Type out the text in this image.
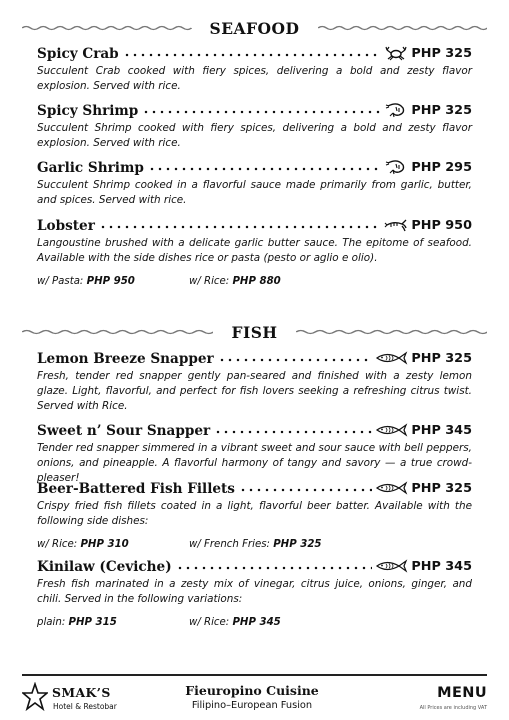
SEAFOOD
Spicy Crab	PHP 325
Succulent Crab cooked with fiery spices, delivering a bold and zesty flavor explosion. Served with rice.
Spicy Shrimp	PHP 325
Succulent Shrimp cooked with fiery spices, delivering a bold and zesty flavor explosion. Served with rice.
Garlic Shrimp	PHP 295
Succulent Shrimp cooked in a flavorful sauce made primarily from garlic, butter, and spices. Served with rice.
Lobster	PHP 950
Langoustine brushed with a delicate garlic butter sauce. The epitome of seafood. Available with the side dishes rice or pasta (pesto or aglio e olio).
w/ Pasta: PHP 950	w/ Rice: PHP 880
FISH
Lemon Breeze Snapper	PHP 325
Fresh, tender red snapper gently pan-seared and finished with a zesty lemon glaze. Light, flavorful, and perfect for fish lovers seeking a refreshing citrus twist. Served with Rice.
Sweet n’ Sour Snapper	PHP 345
Tender red snapper simmered in a vibrant sweet and sour sauce with bell peppers, onions, and pineapple. A flavorful harmony of tangy and savory — a true crowd-pleaser!
Beer-Battered Fish Fillets	PHP 325
Crispy fried fish fillets coated in a light, flavorful beer batter. Available with the following side dishes:
w/ Rice: PHP 310	w/ French Fries: PHP 325
Kinilaw (Ceviche)	PHP 345
Fresh fish marinated in a zesty mix of vinegar, citrus juice, onions, ginger, and chili. Served in the following variations:
plain: PHP 315	w/ Rice: PHP 345
SMAK’S
Hotel & Restobar
Fieuropino Cuisine
Filipino–European Fusion
MENU
All Prices are including VAT
